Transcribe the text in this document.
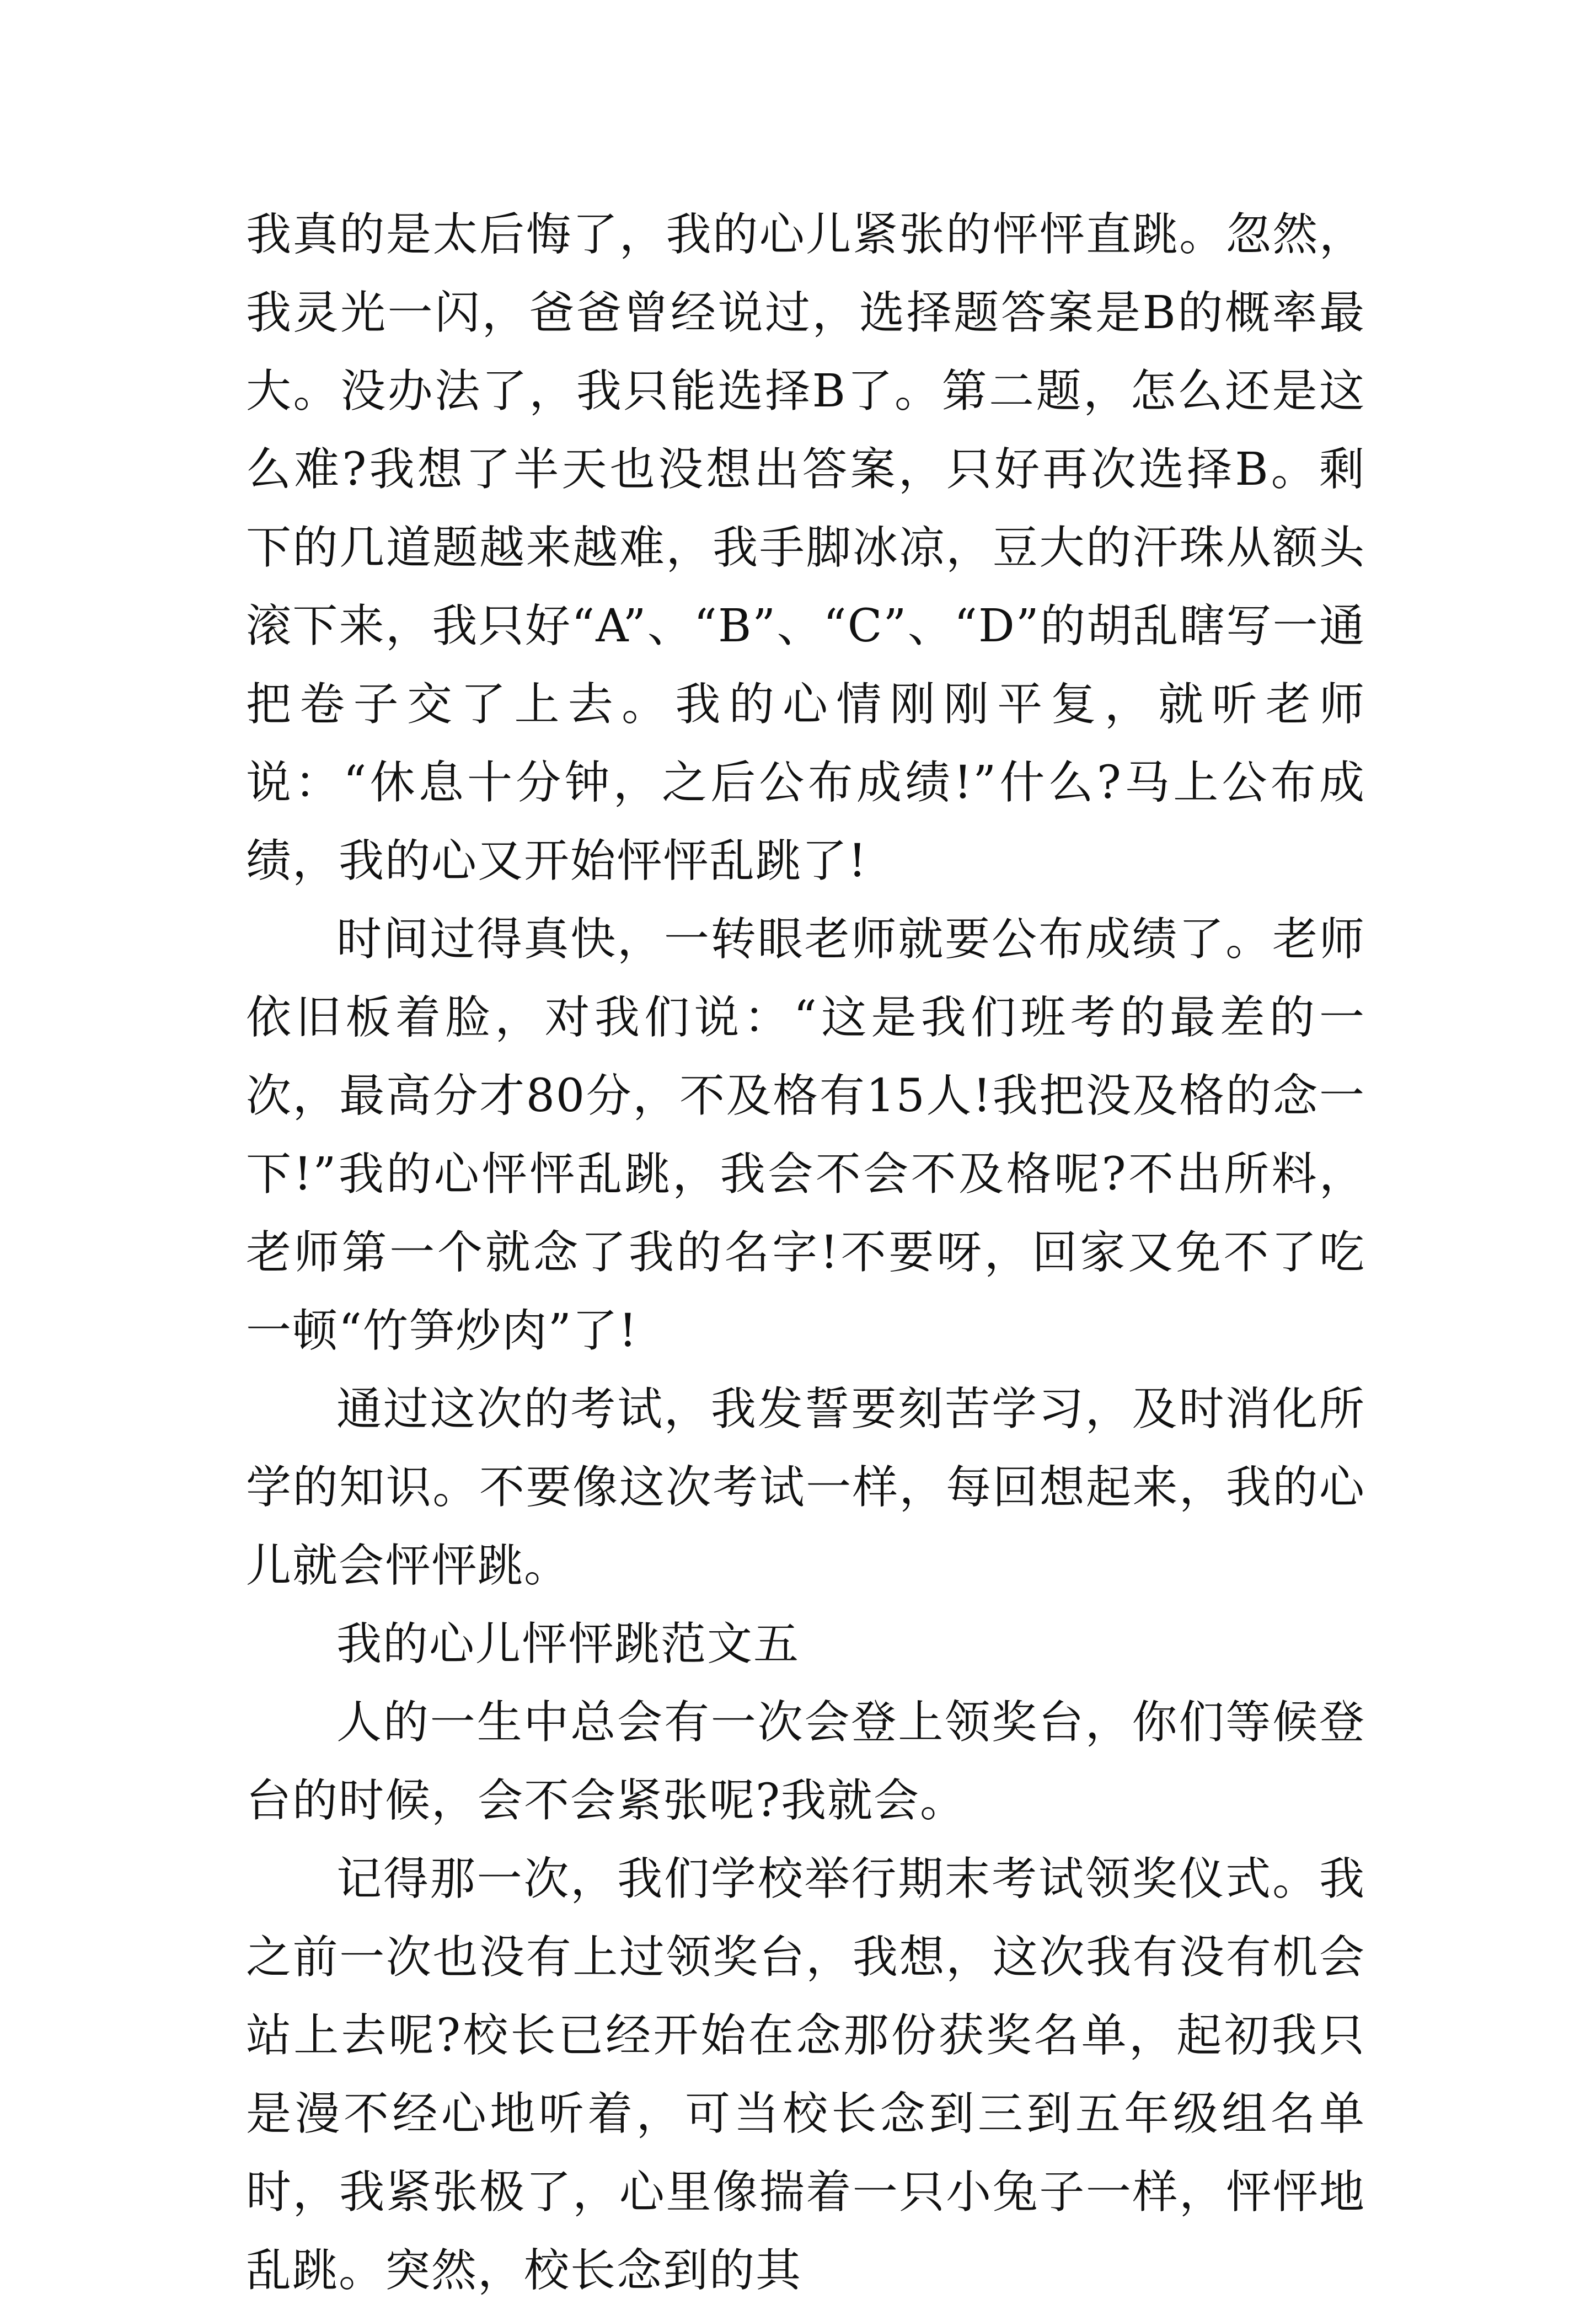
我真的是太后悔了，我的心儿紧张的怦怦直跳。忽然，我灵光一闪，爸爸曾经说过，选择题答案是B的概率最大。没办法了，我只能选择B了。第二题，怎么还是这么难?我想了半天也没想出答案，只好再次选择B。剩下的几道题越来越难，我手脚冰凉，豆大的汗珠从额头滚下来，我只好“A”、“B”、“C”、“D”的胡乱瞎写一通把卷子交了上去。我的心情刚刚平复，就听老师说：“休息十分钟，之后公布成绩!”什么?马上公布成绩，我的心又开始怦怦乱跳了!

时间过得真快，一转眼老师就要公布成绩了。老师依旧板着脸，对我们说：“这是我们班考的最差的一次，最高分才80分，不及格有15人!我把没及格的念一下!”我的心怦怦乱跳，我会不会不及格呢?不出所料，老师第一个就念了我的名字!不要呀，回家又免不了吃一顿“竹笋炒肉”了!

通过这次的考试，我发誓要刻苦学习，及时消化所学的知识。不要像这次考试一样，每回想起来，我的心儿就会怦怦跳。

我的心儿怦怦跳范文五

人的一生中总会有一次会登上领奖台，你们等候登台的时候，会不会紧张呢?我就会。

记得那一次，我们学校举行期末考试领奖仪式。我之前一次也没有上过领奖台，我想，这次我有没有机会站上去呢?校长已经开始在念那份获奖名单，起初我只是漫不经心地听着，可当校长念到三到五年级组名单时，我紧张极了，心里像揣着一只小兔子一样，怦怦地乱跳。突然，校长念到的其
